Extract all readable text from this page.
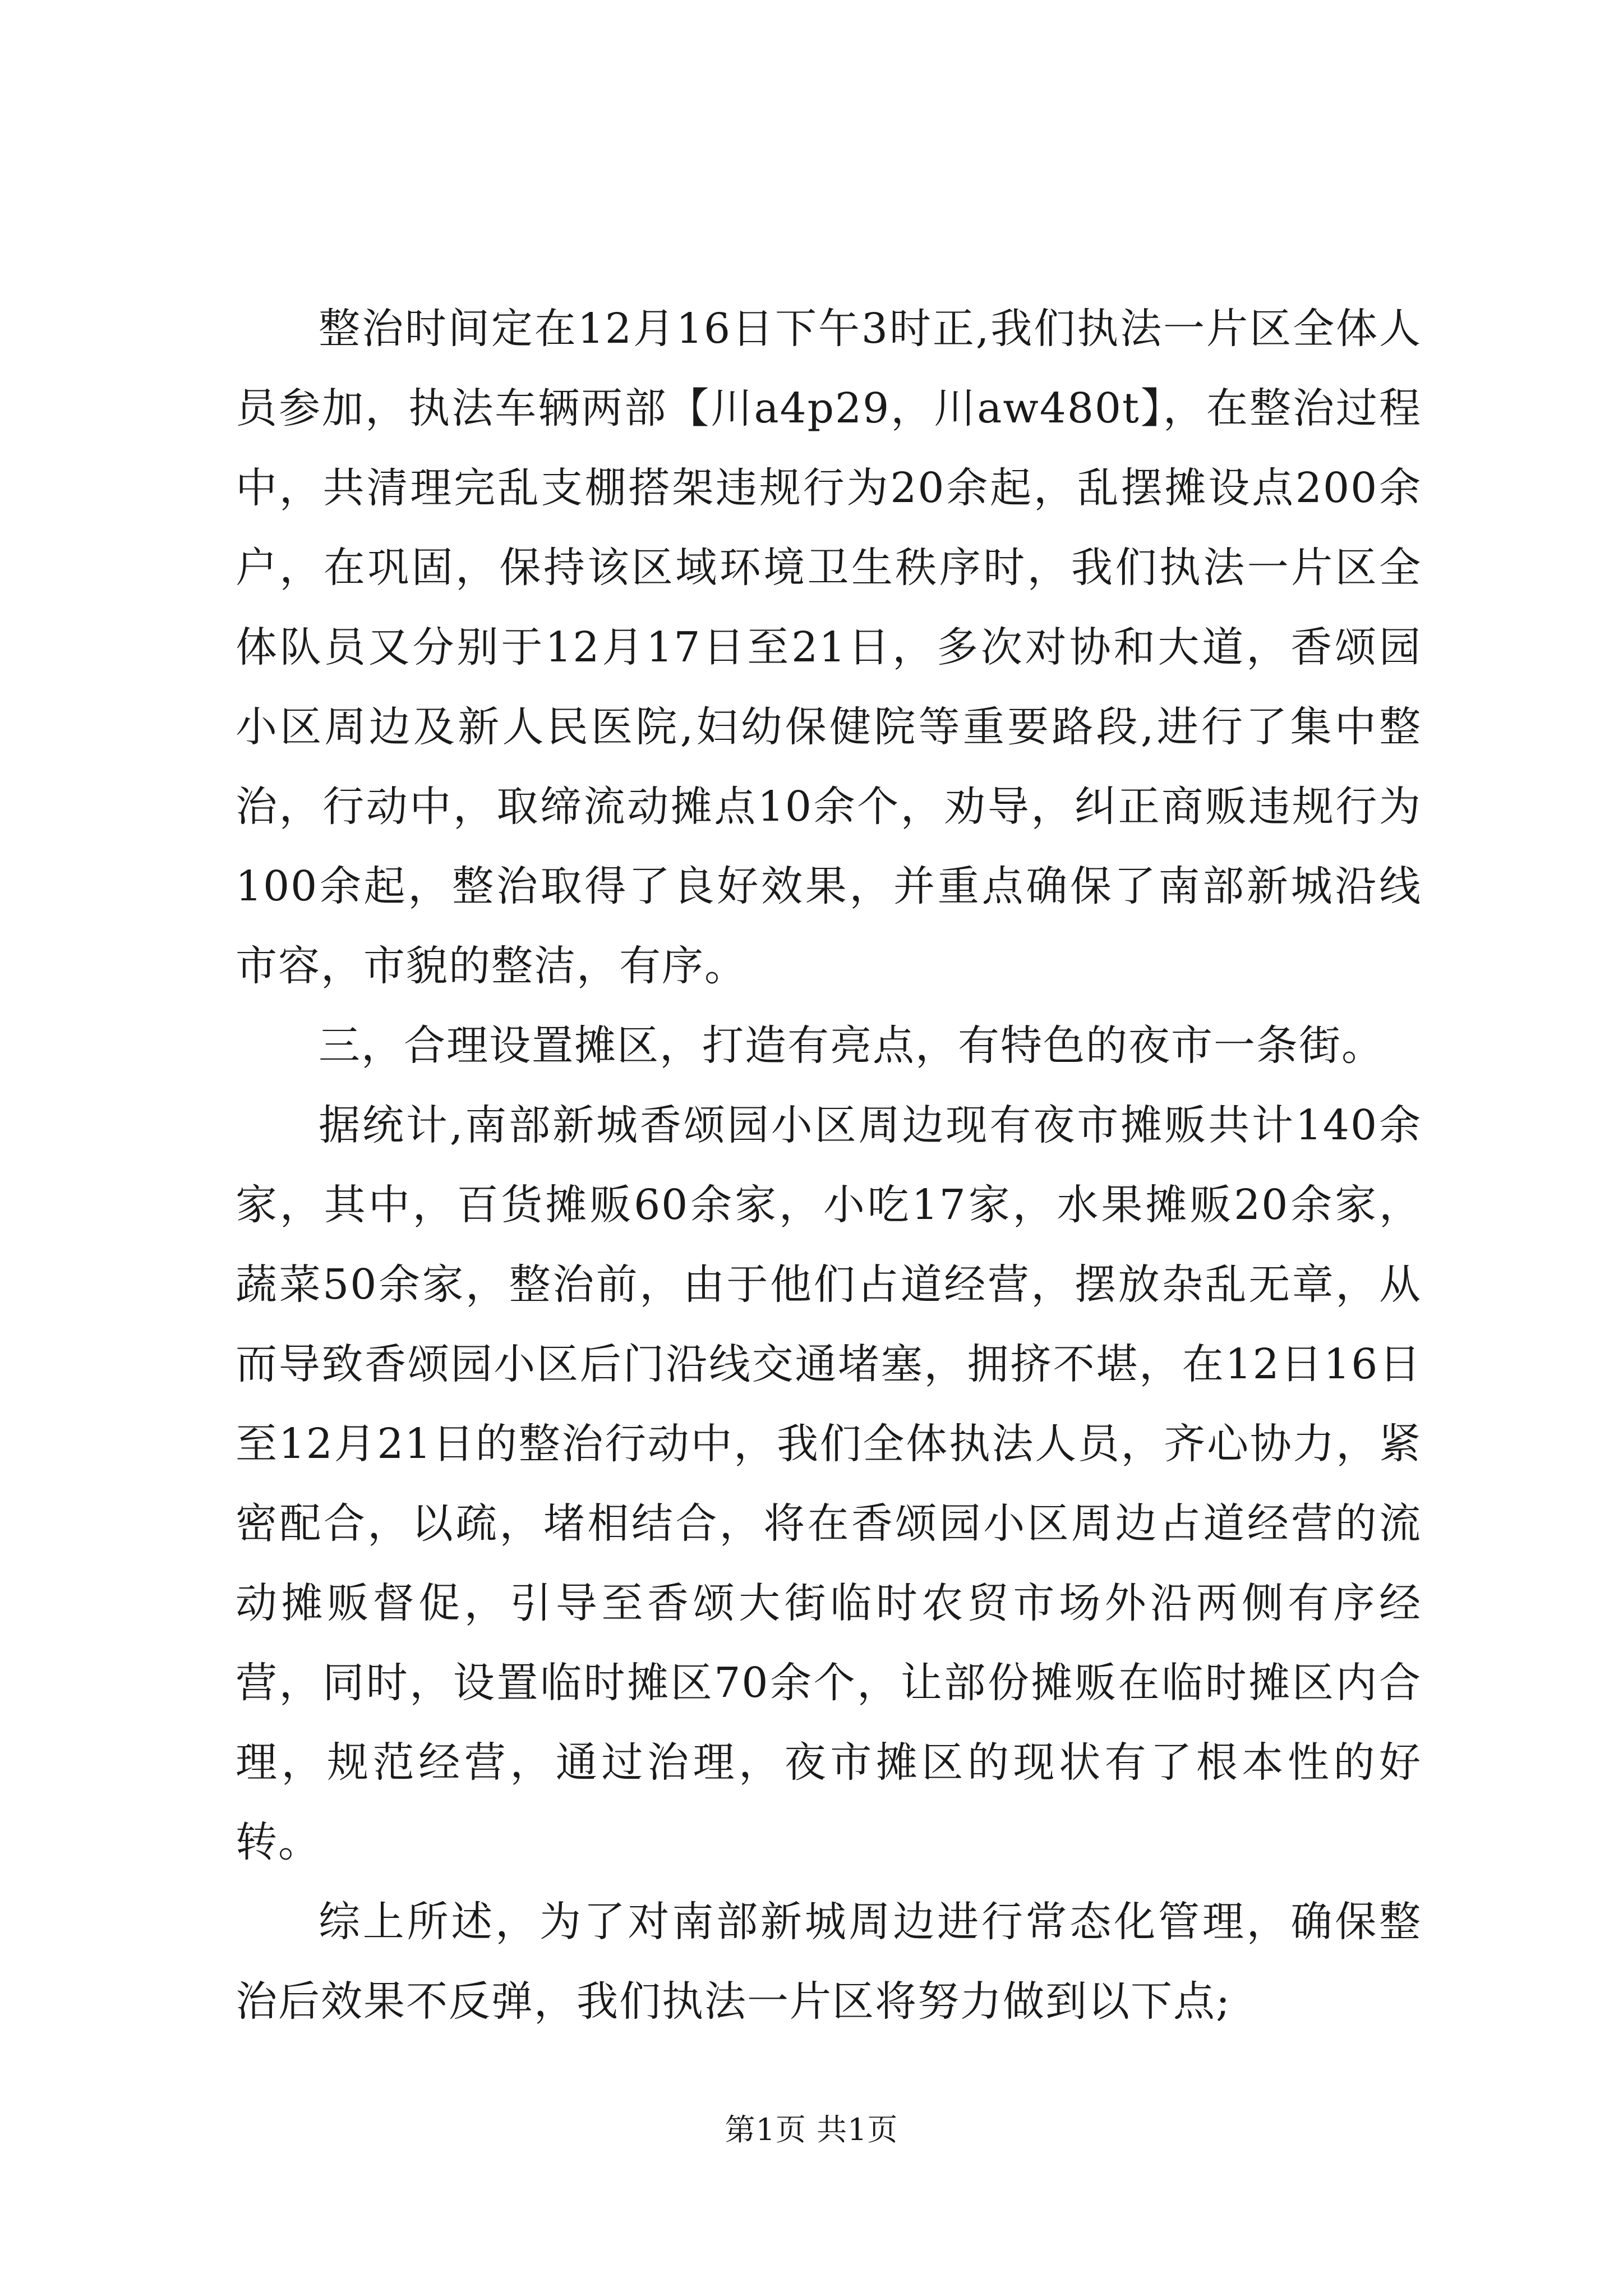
整治时间定在12月16日下午3时正,我们执法一片区全体人员参加，执法车辆两部【川a4p29，川aw480t】，在整治过程中，共清理完乱支棚搭架违规行为20余起，乱摆摊设点200余户，在巩固，保持该区域环境卫生秩序时，我们执法一片区全体队员又分别于12月17日至21日，多次对协和大道，香颂园小区周边及新人民医院,妇幼保健院等重要路段,进行了集中整治，行动中，取缔流动摊点10余个，劝导，纠正商贩违规行为100余起，整治取得了良好效果，并重点确保了南部新城沿线市容，市貌的整洁，有序。

三，合理设置摊区，打造有亮点，有特色的夜市一条街。

据统计,南部新城香颂园小区周边现有夜市摊贩共计140余家，其中，百货摊贩60余家，小吃17家，水果摊贩20余家，蔬菜50余家，整治前，由于他们占道经营，摆放杂乱无章，从而导致香颂园小区后门沿线交通堵塞，拥挤不堪，在12日16日至12月21日的整治行动中，我们全体执法人员，齐心协力，紧密配合，以疏，堵相结合，将在香颂园小区周边占道经营的流动摊贩督促，引导至香颂大街临时农贸市场外沿两侧有序经营，同时，设置临时摊区70余个，让部份摊贩在临时摊区内合理，规范经营，通过治理，夜市摊区的现状有了根本性的好转。

综上所述，为了对南部新城周边进行常态化管理，确保整治后效果不反弹，我们执法一片区将努力做到以下点;

第1页 共1页
